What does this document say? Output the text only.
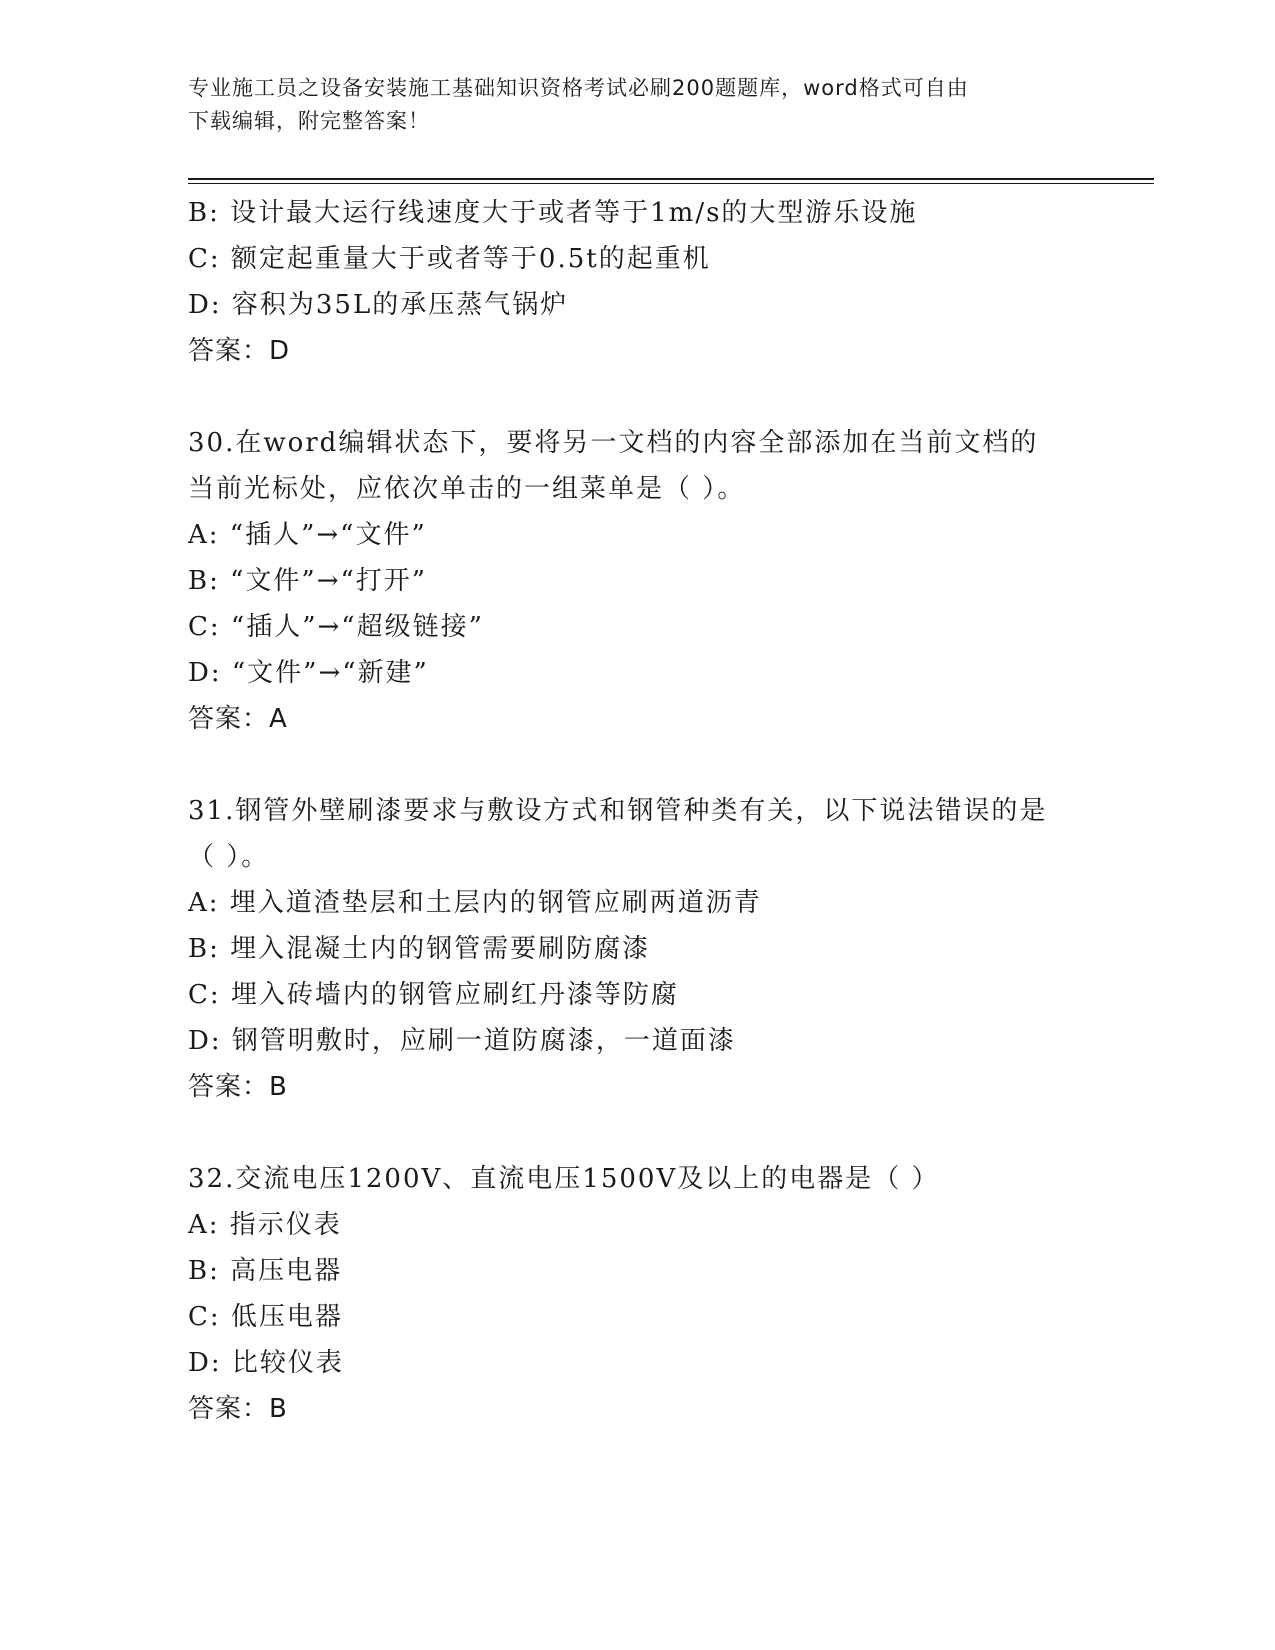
专业施工员之设备安装施工基础知识资格考试必刷200题题库，word格式可自由
下载编辑，附完整答案！
B: 设计最大运行线速度大于或者等于1m/s的大型游乐设施
C: 额定起重量大于或者等于0.5t的起重机
D: 容积为35L的承压蒸气锅炉
答案：D
30.在word编辑状态下，要将另一文档的内容全部添加在当前文档的
当前光标处，应依次单击的一组菜单是（ ）。
A: “插人”→“文件”
B: “文件”→“打开”
C: “插人”→“超级链接”
D: “文件”→“新建”
答案：A
31.钢管外壁刷漆要求与敷设方式和钢管种类有关，以下说法错误的是
（ ）。
A: 埋入道渣垫层和土层内的钢管应刷两道沥青
B: 埋入混凝土内的钢管需要刷防腐漆
C: 埋入砖墙内的钢管应刷红丹漆等防腐
D: 钢管明敷时，应刷一道防腐漆，一道面漆
答案：B
32.交流电压1200V、直流电压1500V及以上的电器是（ ）
A: 指示仪表
B: 高压电器
C: 低压电器
D: 比较仪表
答案：B
